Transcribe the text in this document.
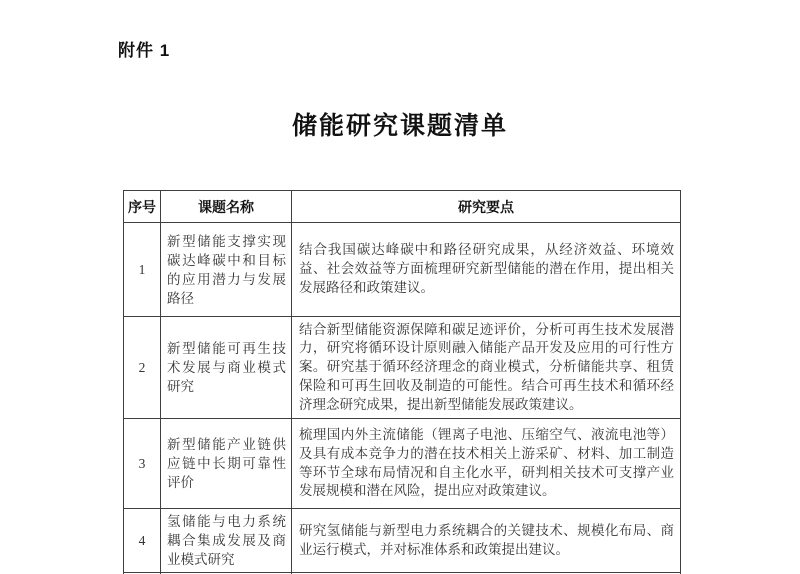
附件 1
储能研究课题清单
序号	课题名称	研究要点
1	新型储能支撑实现碳达峰碳中和目标的应用潜力与发展路径	结合我国碳达峰碳中和路径研究成果，从经济效益、环境效益、社会效益等方面梳理研究新型储能的潜在作用，提出相关发展路径和政策建议。
2	新型储能可再生技术发展与商业模式研究	结合新型储能资源保障和碳足迹评价，分析可再生技术发展潜力，研究将循环设计原则融入储能产品开发及应用的可行性方案。研究基于循环经济理念的商业模式，分析储能共享、租赁保险和可再生回收及制造的可能性。结合可再生技术和循环经济理念研究成果，提出新型储能发展政策建议。
3	新型储能产业链供应链中长期可靠性评价	梳理国内外主流储能（锂离子电池、压缩空气、液流电池等）及具有成本竞争力的潜在技术相关上游采矿、材料、加工制造等环节全球布局情况和自主化水平，研判相关技术可支撑产业发展规模和潜在风险，提出应对政策建议。
4	氢储能与电力系统耦合集成发展及商业模式研究	研究氢储能与新型电力系统耦合的关键技术、规模化布局、商业运行模式，并对标准体系和政策提出建议。
